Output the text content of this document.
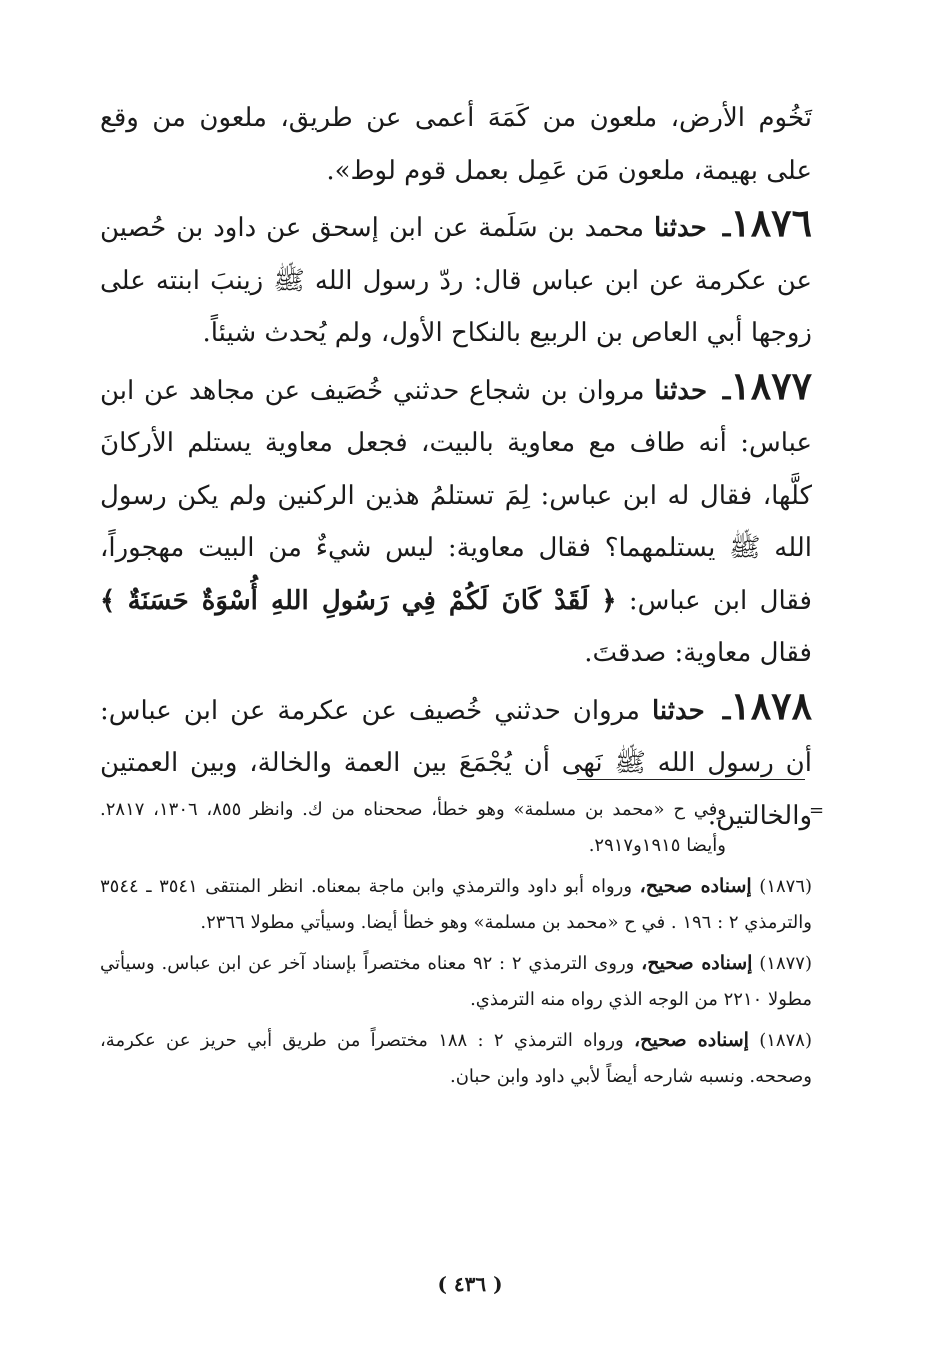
تَخُوم الأرض، ملعون من كَمَهَ أعمى عن طريق، ملعون من وقع على بهيمة، ملعون مَن عَمِل بعمل قوم لوط».

١٨٧٦ـ حدثنا محمد بن سَلَمة عن ابن إسحق عن داود بن حُصين عن عكرمة عن ابن عباس قال: ردّ رسول الله ﷺ زينبَ ابنته على زوجها أبي العاص بن الربيع بالنكاح الأول، ولم يُحدث شيئاً.

١٨٧٧ـ حدثنا مروان بن شجاع حدثني خُصَيف عن مجاهد عن ابن عباس: أنه طاف مع معاوية بالبيت، فجعل معاوية يستلم الأركانَ كلَّها، فقال له ابن عباس: لِمَ تستلمُ هذين الركنين ولم يكن رسول الله ﷺ يستلمهما؟ فقال معاوية: ليس شيءٌ من البيت مهجوراً، فقال ابن عباس: ﴿ لَقَدْ كَانَ لَكُمْ فِي رَسُولِ اللهِ أُسْوَةٌ حَسَنَةٌ ﴾ فقال معاوية: صدقتَ.

١٨٧٨ـ حدثنا مروان حدثني خُصيف عن عكرمة عن ابن عباس: أن رسول الله ﷺ نَهى أن يُجْمَعَ بين العمة والخالة، وبين العمتين والخالتين.

=

وفي ح «محمد بن مسلمة» وهو خطأ، صححناه من ك. وانظر ٨٥٥، ١٣٠٦، ٢٨١٧. وأيضا ١٩١٥و٢٩١٧.

(١٨٧٦) إسناده صحيح، ورواه أبو داود والترمذي وابن ماجة بمعناه. انظر المنتقى ٣٥٤١ ـ ٣٥٤٤ والترمذي ٢ : ١٩٦ . في ح «محمد بن مسلمة» وهو خطأ أيضا. وسيأتي مطولا ٢٣٦٦.

(١٨٧٧) إسناده صحيح، وروى الترمذي ٢ : ٩٢ معناه مختصراً بإسناد آخر عن ابن عباس. وسيأتي مطولا ٢٢١٠ من الوجه الذي رواه منه الترمذي.

(١٨٧٨) إسناده صحيح، ورواه الترمذي ٢ : ١٨٨ مختصراً من طريق أبي حريز عن عكرمة، وصححه. ونسبه شارحه أيضاً لأبي داود وابن حبان.

( ٤٣٦ )
